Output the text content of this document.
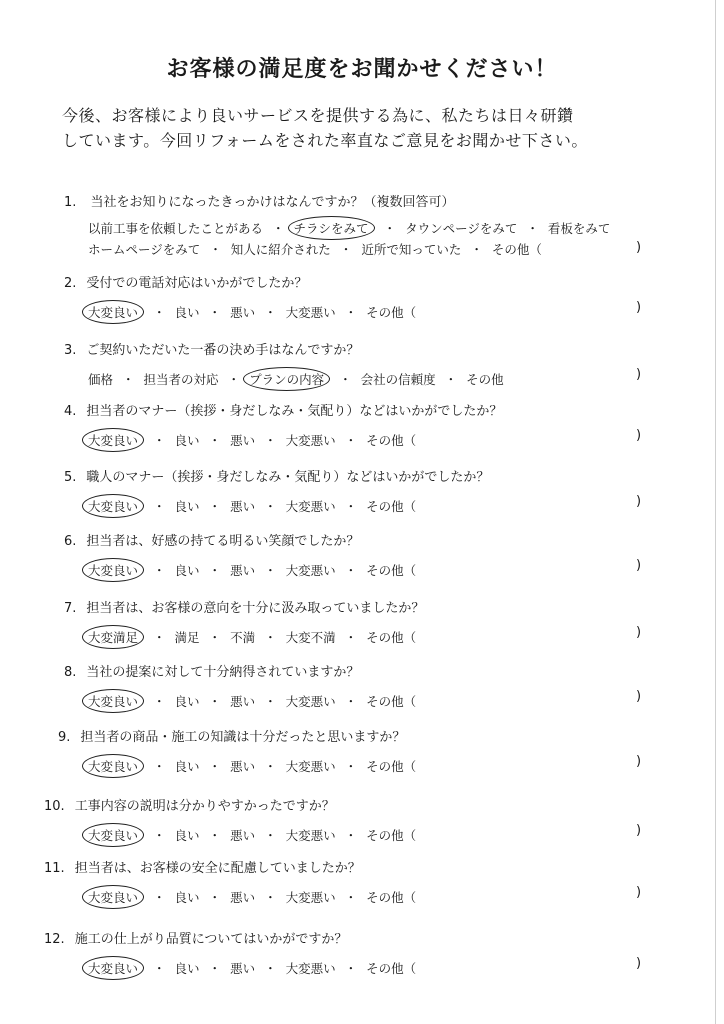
お客様の満足度をお聞かせください！
今後、お客様により良いサービスを提供する為に、私たちは日々研鑽
しています。今回リフォームをされた率直なご意見をお聞かせ下さい。
1. 当社をお知りになったきっかけはなんですか？（複数回答可）
以前工事を依頼したことがある ・ チラシをみて ・ タウンページをみて ・ 看板をみて
ホームページをみて ・ 知人に紹介された ・ 近所で知っていた ・ その他（	)
2. 受付での電話対応はいかがでしたか？
大変良い ・ 良い ・ 悪い ・ 大変悪い ・ その他（	)
3. ご契約いただいた一番の決め手はなんですか？
価格 ・ 担当者の対応 ・ プランの内容 ・ 会社の信頼度 ・ その他	)
4. 担当者のマナー（挨拶・身だしなみ・気配り）などはいかがでしたか？
大変良い ・ 良い ・ 悪い ・ 大変悪い ・ その他（	)
5. 職人のマナー（挨拶・身だしなみ・気配り）などはいかがでしたか？
大変良い ・ 良い ・ 悪い ・ 大変悪い ・ その他（	)
6. 担当者は、好感の持てる明るい笑顔でしたか？
大変良い ・ 良い ・ 悪い ・ 大変悪い ・ その他（	)
7. 担当者は、お客様の意向を十分に汲み取っていましたか？
大変満足 ・ 満足 ・ 不満 ・ 大変不満 ・ その他（	)
8. 当社の提案に対して十分納得されていますか？
大変良い ・ 良い ・ 悪い ・ 大変悪い ・ その他（	)
9. 担当者の商品・施工の知識は十分だったと思いますか？
大変良い ・ 良い ・ 悪い ・ 大変悪い ・ その他（	)
10. 工事内容の説明は分かりやすかったですか？
大変良い ・ 良い ・ 悪い ・ 大変悪い ・ その他（	)
11. 担当者は、お客様の安全に配慮していましたか？
大変良い ・ 良い ・ 悪い ・ 大変悪い ・ その他（	)
12. 施工の仕上がり品質についてはいかがですか？
大変良い ・ 良い ・ 悪い ・ 大変悪い ・ その他（	)
